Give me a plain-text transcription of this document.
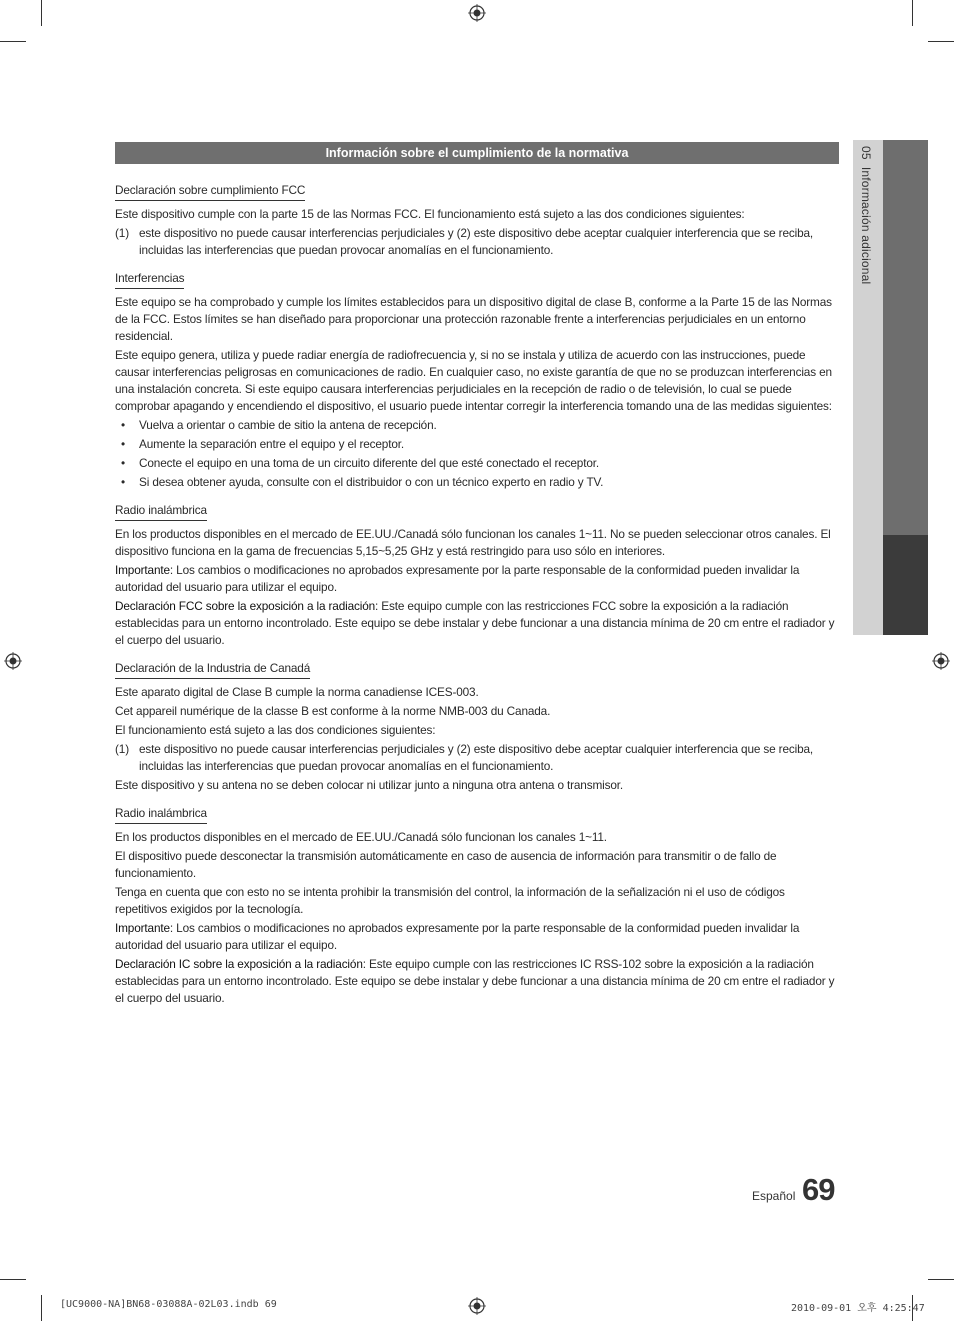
05  Información adicional
Información sobre el cumplimiento de la normativa
Declaración sobre cumplimiento FCC

Este dispositivo cumple con la parte 15 de las Normas FCC. El funcionamiento está sujeto a las dos condiciones siguientes:

(1) este dispositivo no puede causar interferencias perjudiciales y (2) este dispositivo debe aceptar cualquier interferencia que se reciba, incluidas las interferencias que puedan provocar anomalías en el funcionamiento.
Interferencias

Este equipo se ha comprobado y cumple los límites establecidos para un dispositivo digital de clase B, conforme a la Parte 15 de las Normas de la FCC. Estos límites se han diseñado para proporcionar una protección razonable frente a interferencias perjudiciales en un entorno residencial.

Este equipo genera, utiliza y puede radiar energía de radiofrecuencia y, si no se instala y utiliza de acuerdo con las instrucciones, puede causar interferencias peligrosas en comunicaciones de radio. En cualquier caso, no existe garantía de que no se produzcan interferencias en una instalación concreta. Si este equipo causara interferencias perjudiciales en la recepción de radio o de televisión, lo cual se puede comprobar apagando y encendiendo el dispositivo, el usuario puede intentar corregir la interferencia tomando una de las medidas siguientes:

•	Vuelva a orientar o cambie de sitio la antena de recepción.
•	Aumente la separación entre el equipo y el receptor.
•	Conecte el equipo en una toma de un circuito diferente del que esté conectado el receptor.
•	Si desea obtener ayuda, consulte con el distribuidor o con un técnico experto en radio y TV.
Radio inalámbrica

En los productos disponibles en el mercado de EE.UU./Canadá sólo funcionan los canales 1~11. No se pueden seleccionar otros canales. El dispositivo funciona en la gama de frecuencias 5,15~5,25 GHz y está restringido para uso sólo en interiores.

Importante: Los cambios o modificaciones no aprobados expresamente por la parte responsable de la conformidad pueden invalidar la autoridad del usuario para utilizar el equipo.

Declaración FCC sobre la exposición a la radiación: Este equipo cumple con las restricciones FCC sobre la exposición a la radiación establecidas para un entorno incontrolado. Este equipo se debe instalar y debe funcionar a una distancia mínima de 20 cm entre el radiador y el cuerpo del usuario.

Declaración de la Industria de Canadá

Este aparato digital de Clase B cumple la norma canadiense ICES-003.

Cet appareil numérique de la classe B est conforme à la norme NMB-003 du Canada.

El funcionamiento está sujeto a las dos condiciones siguientes:

(1) este dispositivo no puede causar interferencias perjudiciales y (2) este dispositivo debe aceptar cualquier interferencia que se reciba, incluidas las interferencias que puedan provocar anomalías en el funcionamiento.

Este dispositivo y su antena no se deben colocar ni utilizar junto a ninguna otra antena o transmisor.

Radio inalámbrica

En los productos disponibles en el mercado de EE.UU./Canadá sólo funcionan los canales 1~11.

El dispositivo puede desconectar la transmisión automáticamente en caso de ausencia de información para transmitir o de fallo de funcionamiento.

Tenga en cuenta que con esto no se intenta prohibir la transmisión del control, la información de la señalización ni el uso de códigos repetitivos exigidos por la tecnología.

Importante: Los cambios o modificaciones no aprobados expresamente por la parte responsable de la conformidad pueden invalidar la autoridad del usuario para utilizar el equipo.

Declaración IC sobre la exposición a la radiación: Este equipo cumple con las restricciones IC RSS-102 sobre la exposición a la radiación establecidas para un entorno incontrolado. Este equipo se debe instalar y debe funcionar a una distancia mínima de 20 cm entre el radiador y el cuerpo del usuario.

Español 69
[UC9000-NA]BN68-03088A-02L03.indb 69	2010-09-01 오후 4:25:47
